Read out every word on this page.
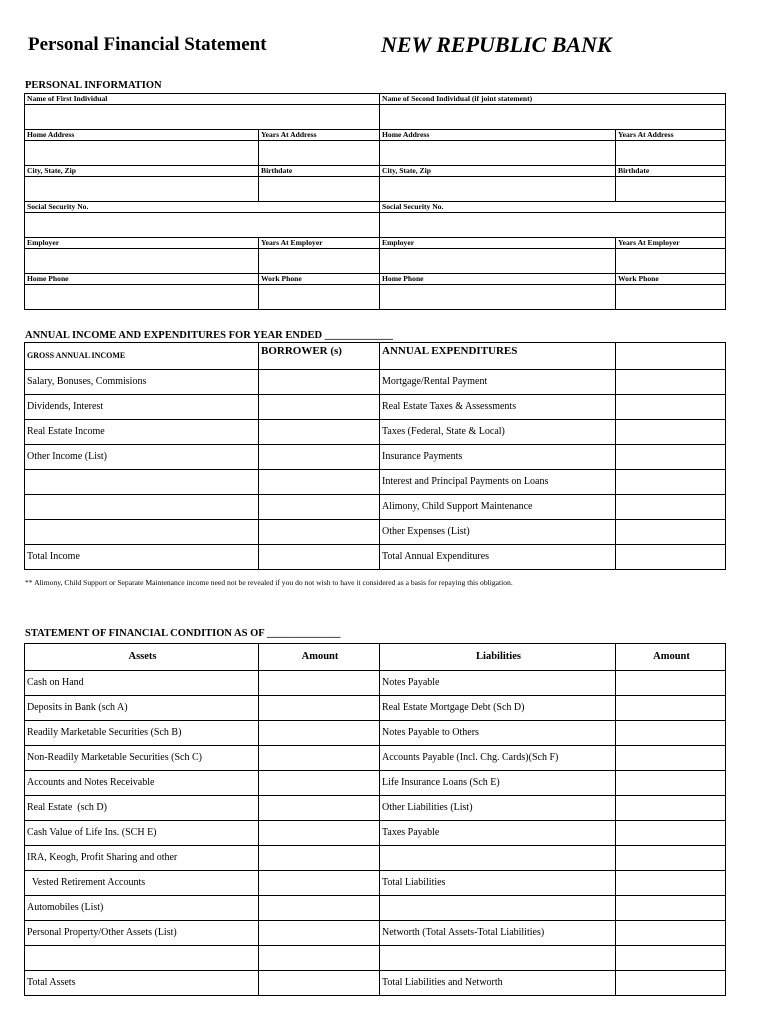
Personal Financial Statement	NEW REPUBLIC BANK
PERSONAL INFORMATION
Name of First Individual		Name of Second Individual (if joint statement)	

Home Address	Years At Address	Home Address	Years At Address

City, State, Zip	Birthdate	City, State, Zip	Birthdate

Social Security No.		Social Security No.	

Employer	Years At Employer	Employer	Years At Employer

Home Phone	Work Phone	Home Phone	Work Phone

ANNUAL INCOME AND EXPENDITURES FOR YEAR ENDED _____________
GROSS ANNUAL INCOME	BORROWER (s)	ANNUAL EXPENDITURES	
Salary, Bonuses, Commisions		Mortgage/Rental Payment	
Dividends, Interest		Real Estate Taxes & Assessments	
Real Estate Income		Taxes (Federal, State & Local)	
Other Income (List)		Insurance Payments	
		Interest and Principal Payments on Loans	
		Alimony, Child Support Maintenance	
		Other Expenses (List)	
Total Income		Total Annual Expenditures	
** Alimony, Child Support or Separate Maintenance income need not be revealed if you do not wish to have it considered as a basis for repaying this obligation.
STATEMENT OF FINANCIAL CONDITION AS OF ______________
Assets	Amount	Liabilities	Amount
Cash on Hand		Notes Payable	
Deposits in Bank (sch A)		Real Estate Mortgage Debt (Sch D)	
Readily Marketable Securities (Sch B)		Notes Payable to Others	
Non-Readily Marketable Securities (Sch C)		Accounts Payable (Incl. Chg. Cards)(Sch F)	
Accounts and Notes Receivable		Life Insurance Loans (Sch E)	
Real Estate  (sch D)		Other Liabilities (List)	
Cash Value of Life Ins. (SCH E)		Taxes Payable	
IRA, Keogh, Profit Sharing and other			
Vested Retirement Accounts		Total Liabilities	
Automobiles (List)			
Personal Property/Other Assets (List)		Networth (Total Assets-Total Liabilities)	

Total Assets		Total Liabilities and Networth	
